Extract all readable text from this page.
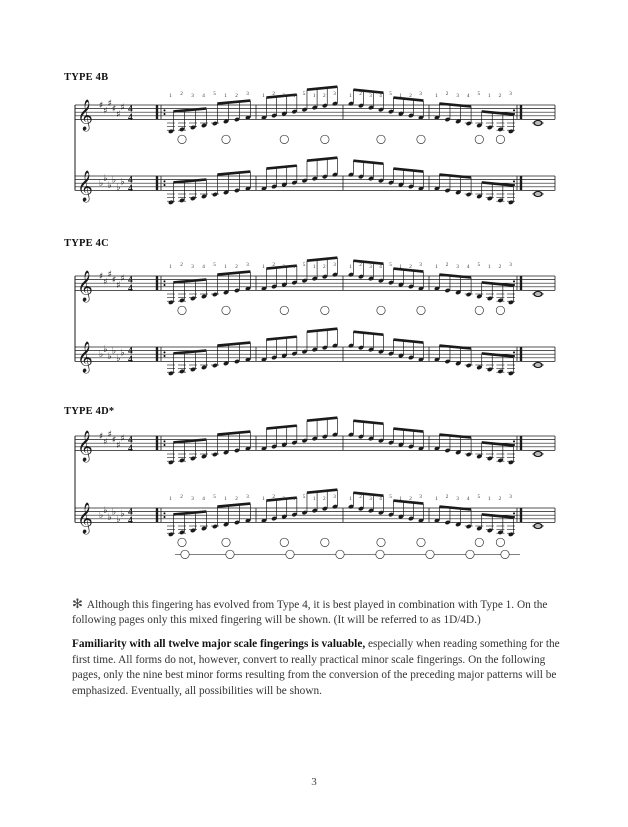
TYPE 4B
𝄞 ♯
♯
♯
♯
♯
♯ 4
4
1 2 3 4 5 1 2 3	1 2 3 4 5 1 2 3	1 2 3 4 5 1 2 3	1 2 3 4 5 1 2 3
𝄞 ♭
♭
♭
♭
♭
♭ 4
4
TYPE 4C
𝄞 ♯
♯
♯
♯
♯
♯ 4
4
1 2 3 4 5 1 2 3	1 2 3 4 5 1 2 3	1 2 3 4 5 1 2 3	1 2 3 4 5 1 2 3
𝄞 ♭
♭
♭
♭
♭
♭ 4
4
TYPE 4D*
𝄞 ♯
♯
♯
♯
♯
♯ 4
4
𝄞 ♭
♭
♭
♭
♭
♭ 4
4
1 2 3 4 5 1 2 3	1 2 3 4 5 1 2 3	1 2 3 4 5 1 2 3	1 2 3 4 5 1 2 3

✻ Although this fingering has evolved from Type 4, it is best played in combination with Type 1. On the following pages only this mixed fingering will be shown. (It will be referred to as 1D/4D.)

Familiarity with all twelve major scale fingerings is valuable, especially when reading something for the first time. All forms do not, however, convert to really practical minor scale fingerings. On the following pages, only the nine best minor forms resulting from the conversion of the preceding major patterns will be emphasized. Eventually, all possibilities will be shown.

3
